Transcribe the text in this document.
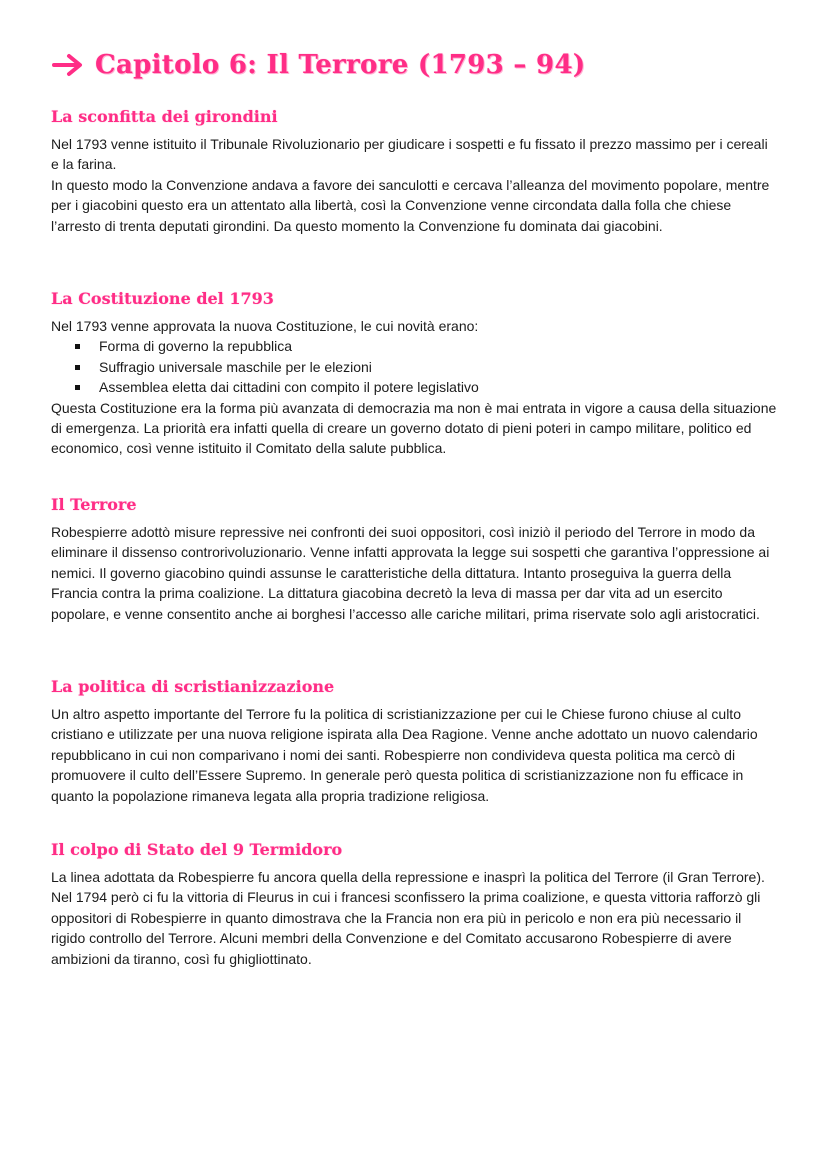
Capitolo 6: Il Terrore (1793 – 94)
La sconfitta dei girondini

Nel 1793 venne istituito il Tribunale Rivoluzionario per giudicare i sospetti e fu fissato il prezzo massimo per i cereali e la farina.

In questo modo la Convenzione andava a favore dei sanculotti e cercava l’alleanza del movimento popolare, mentre per i giacobini questo era un attentato alla libertà, così la Convenzione venne circondata dalla folla che chiese l’arresto di trenta deputati girondini. Da questo momento la Convenzione fu dominata dai giacobini.

La Costituzione del 1793

Nel 1793 venne approvata la nuova Costituzione, le cui novità erano:

Forma di governo la repubblica
Suffragio universale maschile per le elezioni
Assemblea eletta dai cittadini con compito il potere legislativo

Questa Costituzione era la forma più avanzata di democrazia ma non è mai entrata in vigore a causa della situazione di emergenza. La priorità era infatti quella di creare un governo dotato di pieni poteri in campo militare, politico ed economico, così venne istituito il Comitato della salute pubblica.

Il Terrore

Robespierre adottò misure repressive nei confronti dei suoi oppositori, così iniziò il periodo del Terrore in modo da eliminare il dissenso controrivoluzionario. Venne infatti approvata la legge sui sospetti che garantiva l’oppressione ai nemici. Il governo giacobino quindi assunse le caratteristiche della dittatura. Intanto proseguiva la guerra della Francia contra la prima coalizione. La dittatura giacobina decretò la leva di massa per dar vita ad un esercito popolare, e venne consentito anche ai borghesi l’accesso alle cariche militari, prima riservate solo agli aristocratici.

La politica di scristianizzazione

Un altro aspetto importante del Terrore fu la politica di scristianizzazione per cui le Chiese furono chiuse al culto cristiano e utilizzate per una nuova religione ispirata alla Dea Ragione. Venne anche adottato un nuovo calendario repubblicano in cui non comparivano i nomi dei santi. Robespierre non condivideva questa politica ma cercò di promuovere il culto dell’Essere Supremo. In generale però questa politica di scristianizzazione non fu efficace in quanto la popolazione rimaneva legata alla propria tradizione religiosa.

Il colpo di Stato del 9 Termidoro

La linea adottata da Robespierre fu ancora quella della repressione e inasprì la politica del Terrore (il Gran Terrore). Nel 1794 però ci fu la vittoria di Fleurus in cui i francesi sconfissero la prima coalizione, e questa vittoria rafforzò gli oppositori di Robespierre in quanto dimostrava che la Francia non era più in pericolo e non era più necessario il rigido controllo del Terrore. Alcuni membri della Convenzione e del Comitato accusarono Robespierre di avere ambizioni da tiranno, così fu ghigliottinato.
